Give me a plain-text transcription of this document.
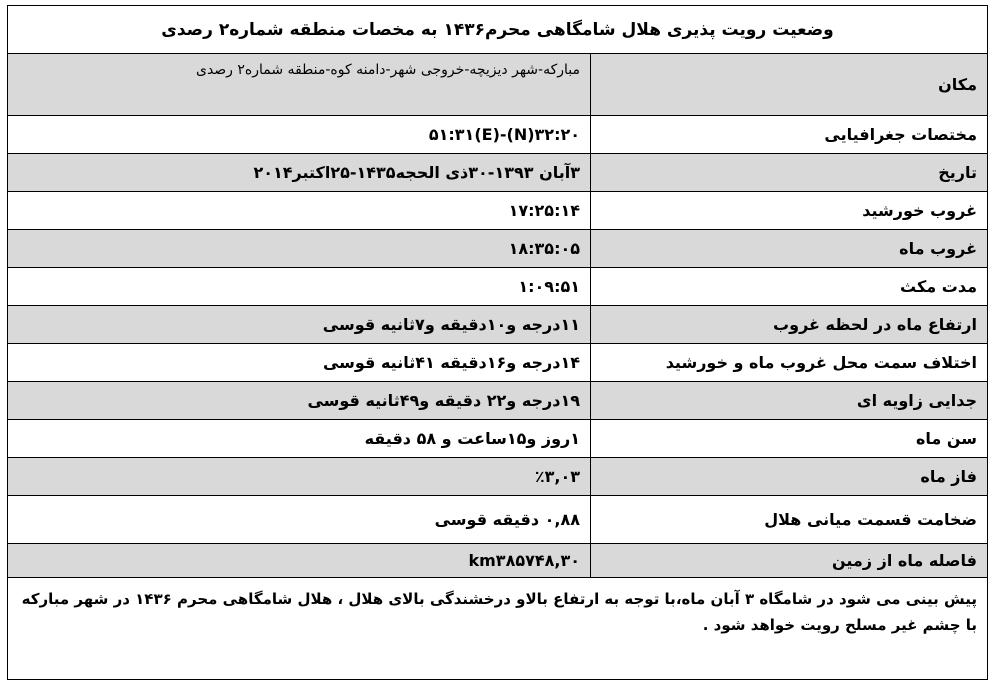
وضعیت رویت پذیری هلال شامگاهی محرم۱۴۳۶ به مخصات منطقه شماره۲ رصدی
مکان
مبارکه-شهر دیزیچه-خروجی شهر-دامنه کوه-منطقه شماره۲ رصدی
مختصات جغرافیایی
۳۲:۲۰(N)-۵۱:۳۱(E)
تاریخ
۳آبان ۱۳۹۳-۳۰ذی الحجه۱۴۳۵-۲۵اکتبر۲۰۱۴
غروب خورشید
۱۷:۲۵:۱۴
غروب ماه
۱۸:۳۵:۰۵
مدت مکث
۱:۰۹:۵۱
ارتفاع ماه در لحظه غروب
۱۱درجه و۱۰دقیقه و۷ثانیه قوسی
اختلاف سمت محل غروب ماه و خورشید
۱۴درجه و۱۶دقیقه ۴۱ثانیه قوسی
جدایی زاویه ای
۱۹درجه و۲۲ دقیقه و۴۹ثانیه قوسی
سن ماه
۱روز و۱۵ساعت و ۵۸ دقیقه
فاز ماه
٪۳,۰۳
ضخامت قسمت میانی هلال
۰,۸۸ دقیقه قوسی
فاصله ماه از زمین
km۳۸۵۷۴۸,۳۰
پیش بینی می شود در شامگاه ۳ آبان ماه،با توجه به ارتفاع بالاو درخشندگی بالای هلال ، هلال شامگاهی محرم ۱۴۳۶ در شهر مبارکه با چشم غیر مسلح رویت خواهد شود .
